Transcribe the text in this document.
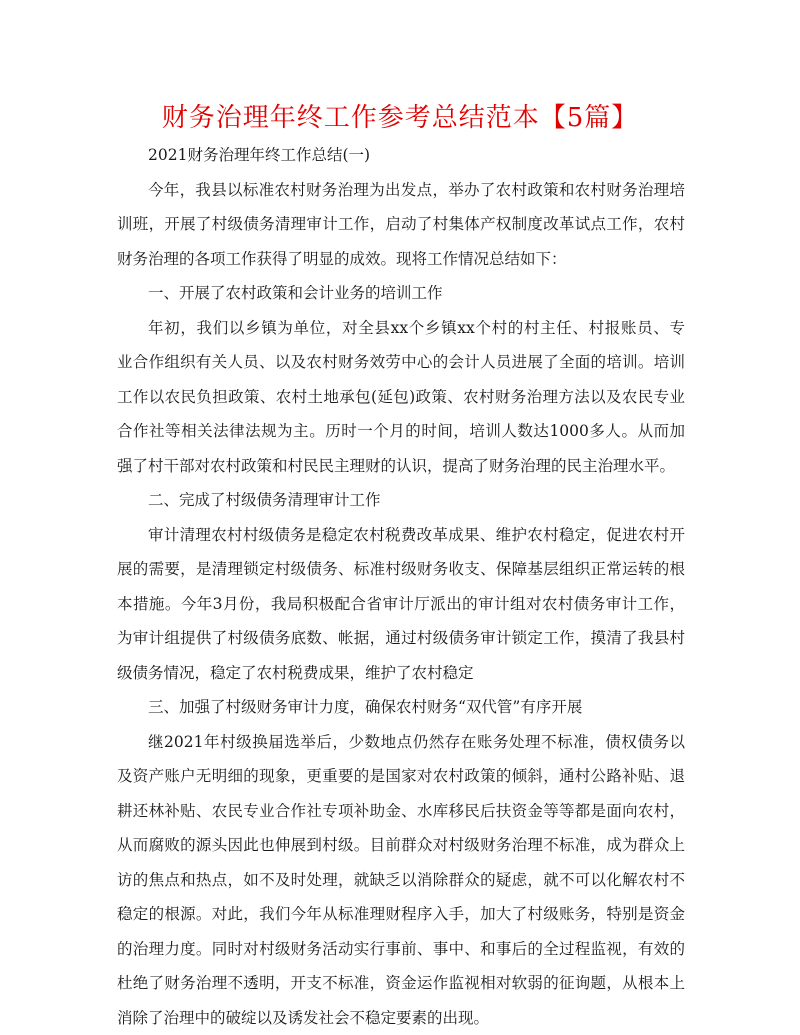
财务治理年终工作参考总结范本【5篇】
2021财务治理年终工作总结(一)
今年，我县以标准农村财务治理为出发点，举办了农村政策和农村财务治理培
训班，开展了村级债务清理审计工作，启动了村集体产权制度改革试点工作，农村
财务治理的各项工作获得了明显的成效。现将工作情况总结如下：
一、开展了农村政策和会计业务的培训工作
年初，我们以乡镇为单位，对全县xx个乡镇xx个村的村主任、村报账员、专
业合作组织有关人员、以及农村财务效劳中心的会计人员进展了全面的培训。培训
工作以农民负担政策、农村土地承包(延包)政策、农村财务治理方法以及农民专业
合作社等相关法律法规为主。历时一个月的时间，培训人数达1000多人。从而加
强了村干部对农村政策和村民民主理财的认识，提高了财务治理的民主治理水平。
二、完成了村级债务清理审计工作
审计清理农村村级债务是稳定农村税费改革成果、维护农村稳定，促进农村开
展的需要，是清理锁定村级债务、标准村级财务收支、保障基层组织正常运转的根
本措施。今年3月份，我局积极配合省审计厅派出的审计组对农村债务审计工作，
为审计组提供了村级债务底数、帐据，通过村级债务审计锁定工作，摸清了我县村
级债务情况，稳定了农村税费成果，维护了农村稳定
三、加强了村级财务审计力度，确保农村财务“双代管”有序开展
继2021年村级换届选举后，少数地点仍然存在账务处理不标准，债权债务以
及资产账户无明细的现象，更重要的是国家对农村政策的倾斜，通村公路补贴、退
耕还林补贴、农民专业合作社专项补助金、水库移民后扶资金等等都是面向农村，
从而腐败的源头因此也伸展到村级。目前群众对村级财务治理不标准，成为群众上
访的焦点和热点，如不及时处理，就缺乏以消除群众的疑虑，就不可以化解农村不
稳定的根源。对此，我们今年从标准理财程序入手，加大了村级账务，特别是资金
的治理力度。同时对村级财务活动实行事前、事中、和事后的全过程监视，有效的
杜绝了财务治理不透明，开支不标准，资金运作监视相对软弱的征询题，从根本上
消除了治理中的破绽以及诱发社会不稳定要素的出现。
